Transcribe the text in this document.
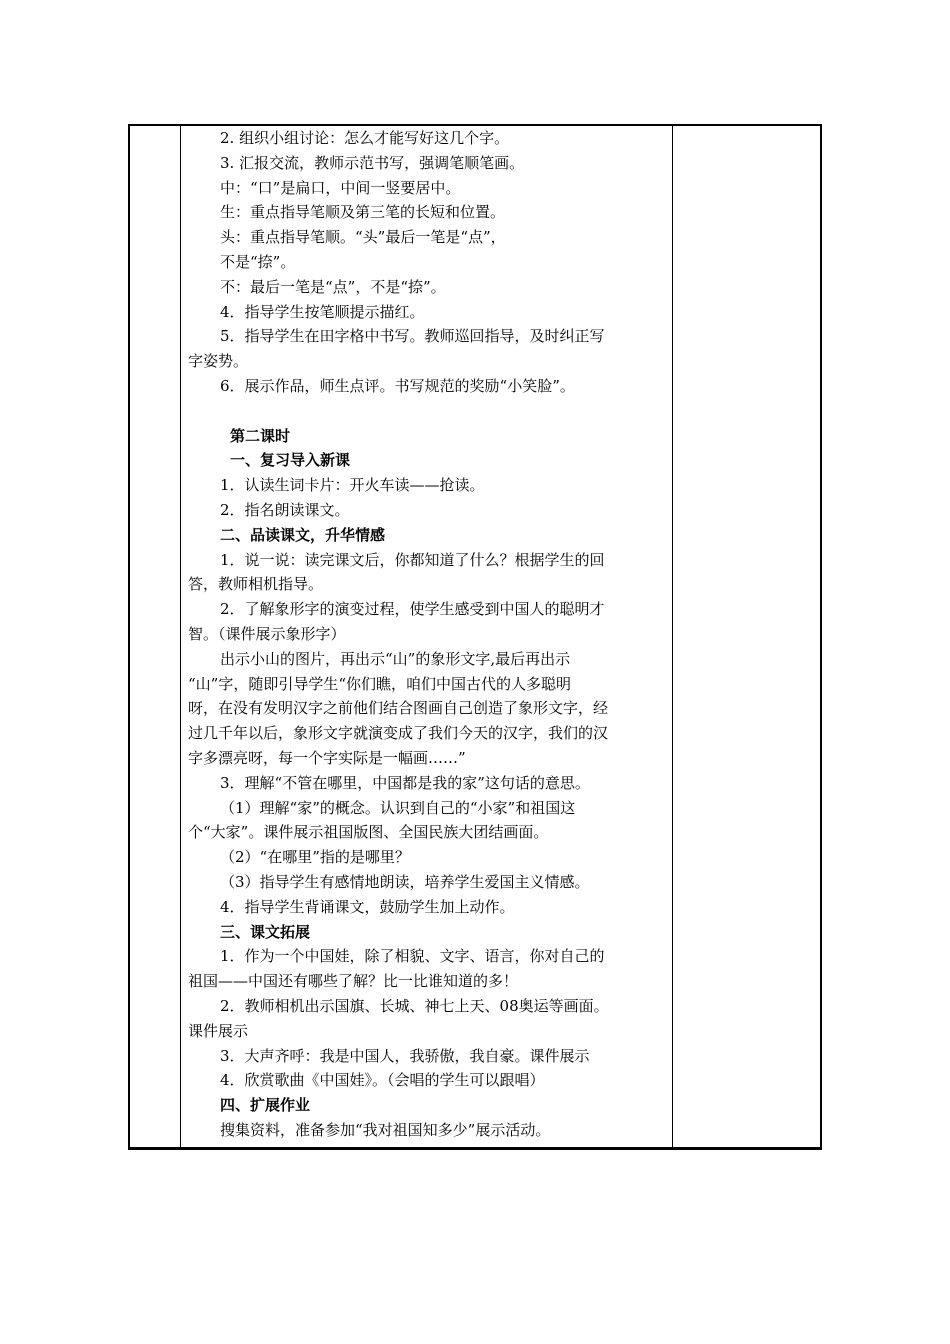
2. 组织小组讨论：怎么才能写好这几个字。
3. 汇报交流，教师示范书写，强调笔顺笔画。
中：“口”是扁口，中间一竖要居中。
生：重点指导笔顺及第三笔的长短和位置。
头：重点指导笔顺。“头”最后一笔是“点”，
不是“捺”。
不：最后一笔是“点”，不是“捺”。
4．指导学生按笔顺提示描红。
5．指导学生在田字格中书写。教师巡回指导，及时纠正写
字姿势。
6．展示作品，师生点评。书写规范的奖励“小笑脸”。
第二课时
一、复习导入新课
1．认读生词卡片：开火车读——抢读。
2．指名朗读课文。
二、品读课文，升华情感
1．说一说：读完课文后，你都知道了什么？根据学生的回
答，教师相机指导。
2．了解象形字的演变过程，使学生感受到中国人的聪明才
智。（课件展示象形字）
出示小山的图片，再出示“山”的象形文字,最后再出示
“山”字，随即引导学生“你们瞧，咱们中国古代的人多聪明
呀，在没有发明汉字之前他们结合图画自己创造了象形文字，经
过几千年以后，象形文字就演变成了我们今天的汉字，我们的汉
字多漂亮呀，每一个字实际是一幅画……”
3．理解“不管在哪里，中国都是我的家”这句话的意思。
（1）理解“家”的概念。认识到自己的“小家”和祖国这
个“大家”。课件展示祖国版图、全国民族大团结画面。
（2）“在哪里”指的是哪里？
（3）指导学生有感情地朗读，培养学生爱国主义情感。
4．指导学生背诵课文，鼓励学生加上动作。
三、课文拓展
1．作为一个中国娃，除了相貌、文字、语言，你对自己的
祖国——中国还有哪些了解？比一比谁知道的多！
2．教师相机出示国旗、长城、神七上天、08奥运等画面。
课件展示
3．大声齐呼：我是中国人，我骄傲，我自豪。课件展示
4．欣赏歌曲《中国娃》。（会唱的学生可以跟唱）
四、扩展作业
搜集资料，准备参加“我对祖国知多少”展示活动。
